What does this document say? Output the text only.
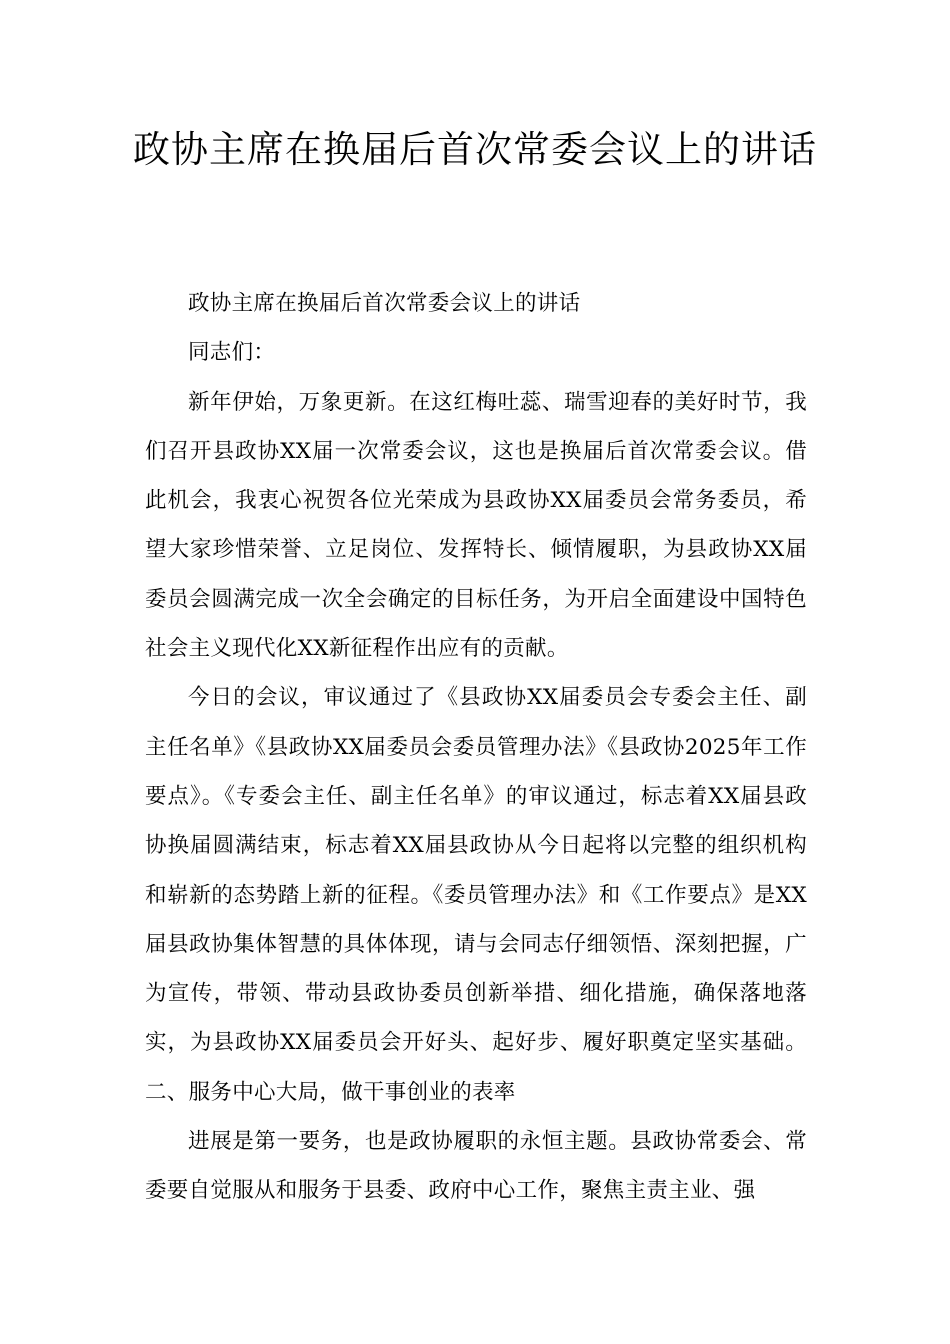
政协主席在换届后首次常委会议上的讲话

政协主席在换届后首次常委会议上的讲话

同志们：

新年伊始，万象更新。在这红梅吐蕊、瑞雪迎春的美好时节，我们召开县政协XX届一次常委会议，这也是换届后首次常委会议。借此机会，我衷心祝贺各位光荣成为县政协XX届委员会常务委员，希望大家珍惜荣誉、立足岗位、发挥特长、倾情履职，为县政协XX届委员会圆满完成一次全会确定的目标任务，为开启全面建设中国特色社会主义现代化XX新征程作出应有的贡献。

今日的会议，审议通过了《县政协XX届委员会专委会主任、副主任名单》《县政协XX届委员会委员管理办法》《县政协2025年工作要点》。《专委会主任、副主任名单》的审议通过，标志着XX届县政协换届圆满结束，标志着XX届县政协从今日起将以完整的组织机构和崭新的态势踏上新的征程。《委员管理办法》和《工作要点》是XX届县政协集体智慧的具体体现，请与会同志仔细领悟、深刻把握，广为宣传，带领、带动县政协委员创新举措、细化措施，确保落地落实，为县政协XX届委员会开好头、起好步、履好职奠定坚实基础。二、服务中心大局，做干事创业的表率

进展是第一要务，也是政协履职的永恒主题。县政协常委会、常委要自觉服从和服务于县委、政府中心工作，聚焦主责主业、强
